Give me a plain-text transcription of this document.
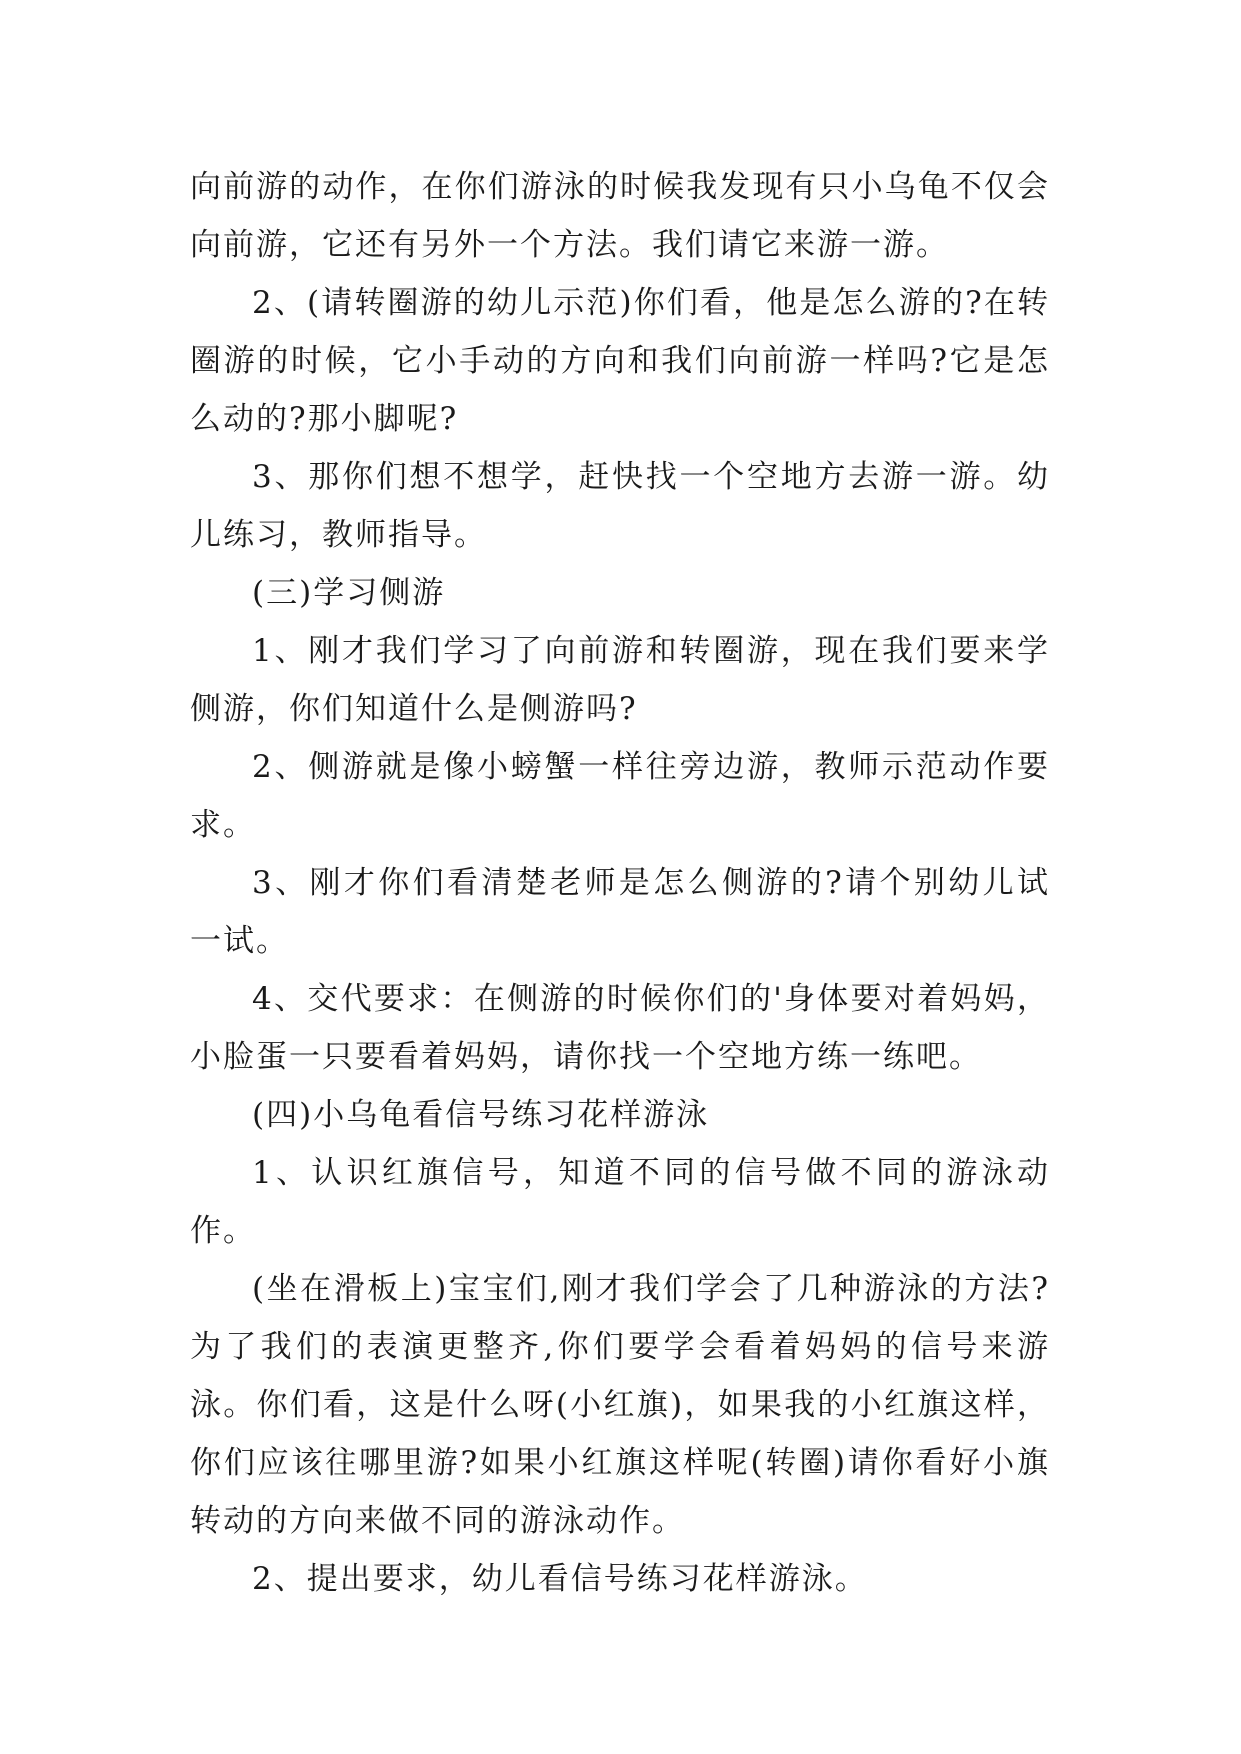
向前游的动作，在你们游泳的时候我发现有只小乌龟不仅会向前游，它还有另外一个方法。我们请它来游一游。

2、(请转圈游的幼儿示范)你们看，他是怎么游的?在转圈游的时候，它小手动的方向和我们向前游一样吗?它是怎么动的?那小脚呢?

3、那你们想不想学，赶快找一个空地方去游一游。幼儿练习，教师指导。

(三)学习侧游

1、刚才我们学习了向前游和转圈游，现在我们要来学侧游，你们知道什么是侧游吗?

2、侧游就是像小螃蟹一样往旁边游，教师示范动作要求。

3、刚才你们看清楚老师是怎么侧游的?请个别幼儿试一试。

4、交代要求：在侧游的时候你们的'身体要对着妈妈，小脸蛋一只要看着妈妈，请你找一个空地方练一练吧。

(四)小乌龟看信号练习花样游泳

1、认识红旗信号，知道不同的信号做不同的游泳动作。

(坐在滑板上)宝宝们,刚才我们学会了几种游泳的方法?为了我们的表演更整齐,你们要学会看着妈妈的信号来游泳。你们看，这是什么呀(小红旗)，如果我的小红旗这样，你们应该往哪里游?如果小红旗这样呢(转圈)请你看好小旗转动的方向来做不同的游泳动作。

2、提出要求，幼儿看信号练习花样游泳。
